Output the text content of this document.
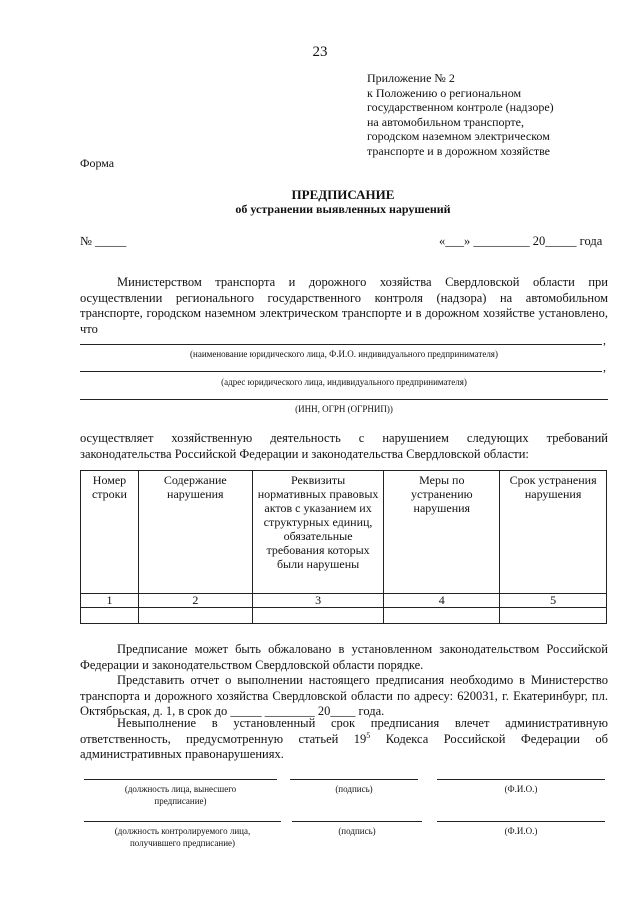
23
Приложение № 2
к Положению о региональном
государственном контроле (надзоре)
на автомобильном транспорте,
городском наземном электрическом
транспорте и в дорожном хозяйстве
Форма
ПРЕДПИСАНИЕ
об устранении выявленных нарушений
№ _____	«___» _________ 20_____ года
Министерством транспорта и дорожного хозяйства Свердловской области при осуществлении регионального государственного контроля (надзора) на автомобильном транспорте, городском наземном электрическом транспорте и в дорожном хозяйстве установлено, что
,
(наименование юридического лица, Ф.И.О. индивидуального предпринимателя)
,
(адрес юридического лица, индивидуального предпринимателя)
(ИНН, ОГРН (ОГРНИП))
осуществляет хозяйственную деятельность с нарушением следующих требований законодательства Российской Федерации и законодательства Свердловской области:
Номер строки	Содержание нарушения	Реквизиты нормативных правовых актов с указанием их структурных единиц, обязательные требования которых были нарушены	Меры по устранению нарушения	Срок устранения нарушения
1	2	3	4	5

Предписание может быть обжаловано в установленном законодательством Российской Федерации и законодательством Свердловской области порядке.
Представить отчет о выполнении настоящего предписания необходимо в Министерство транспорта и дорожного хозяйства Свердловской области по адресу: 620031, г. Екатеринбург, пл. Октябрьская, д. 1, в срок до _____ ________ 20____ года.
Невыполнение в установленный срок предписания влечет административную ответственность, предусмотренную статьей $19^5$ Кодекса Российской Федерации об административных правонарушениях.
(должность лица, вынесшего предписание)
(подпись)	(Ф.И.О.)
(должность контролируемого лица, получившего предписание)
(подпись)	(Ф.И.О.)
